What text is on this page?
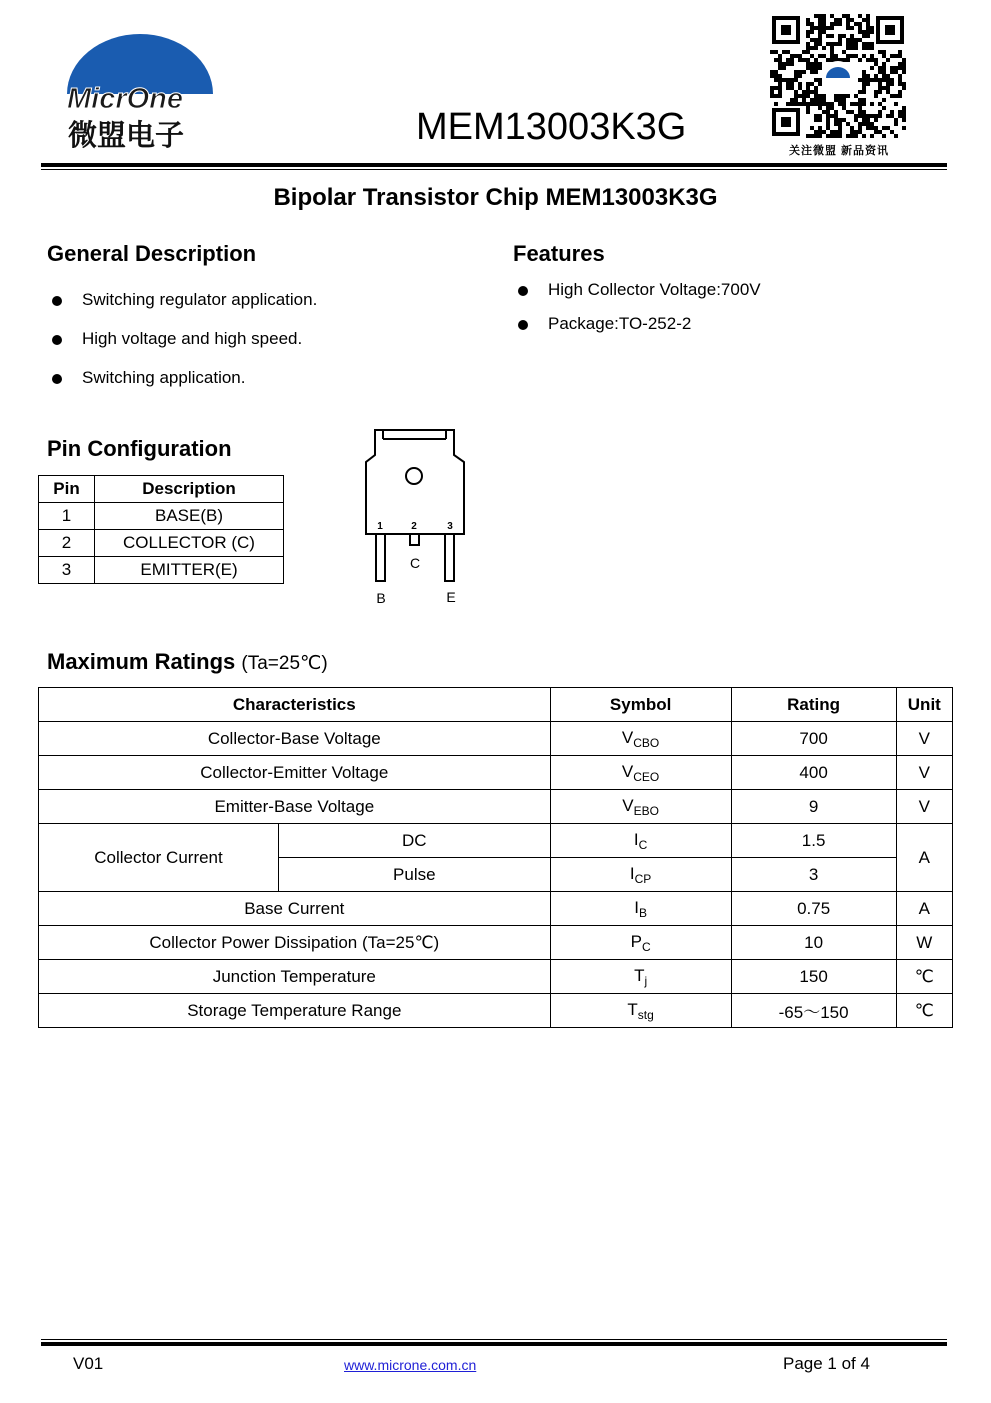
MicrOne
微盟电子	MEM13003K3G
关注微盟 新品资讯
Bipolar Transistor Chip MEM13003K3G
General Description
Switching regulator application.
High voltage and high speed.
Switching application.
Features
High Collector Voltage:700V
Package:TO-252-2
Pin Configuration
Pin	Description
1	BASE(B)
2	COLLECTOR (C)
3	EMITTER(E)
1	2	3
B
C
E
Maximum Ratings (Ta=25℃)
Characteristics		Symbol	Rating	Unit
Collector-Base Voltage		$V_{CBO}$	700	V
Collector-Emitter Voltage		$V_{CEO}$	400	V
Emitter-Base Voltage		$V_{EBO}$	9	V
Collector Current	DC	$I_C$	1.5	A
	Pulse	$I_{CP}$	3	
Base Current		$I_B$	0.75	A
Collector Power Dissipation (Ta=25℃)		$P_C$	10	W
Junction Temperature		$T_j$	150	℃
Storage Temperature Range		$T_{stg}$	-65～150	℃
V01	www.microne.com.cn	Page 1 of 4
